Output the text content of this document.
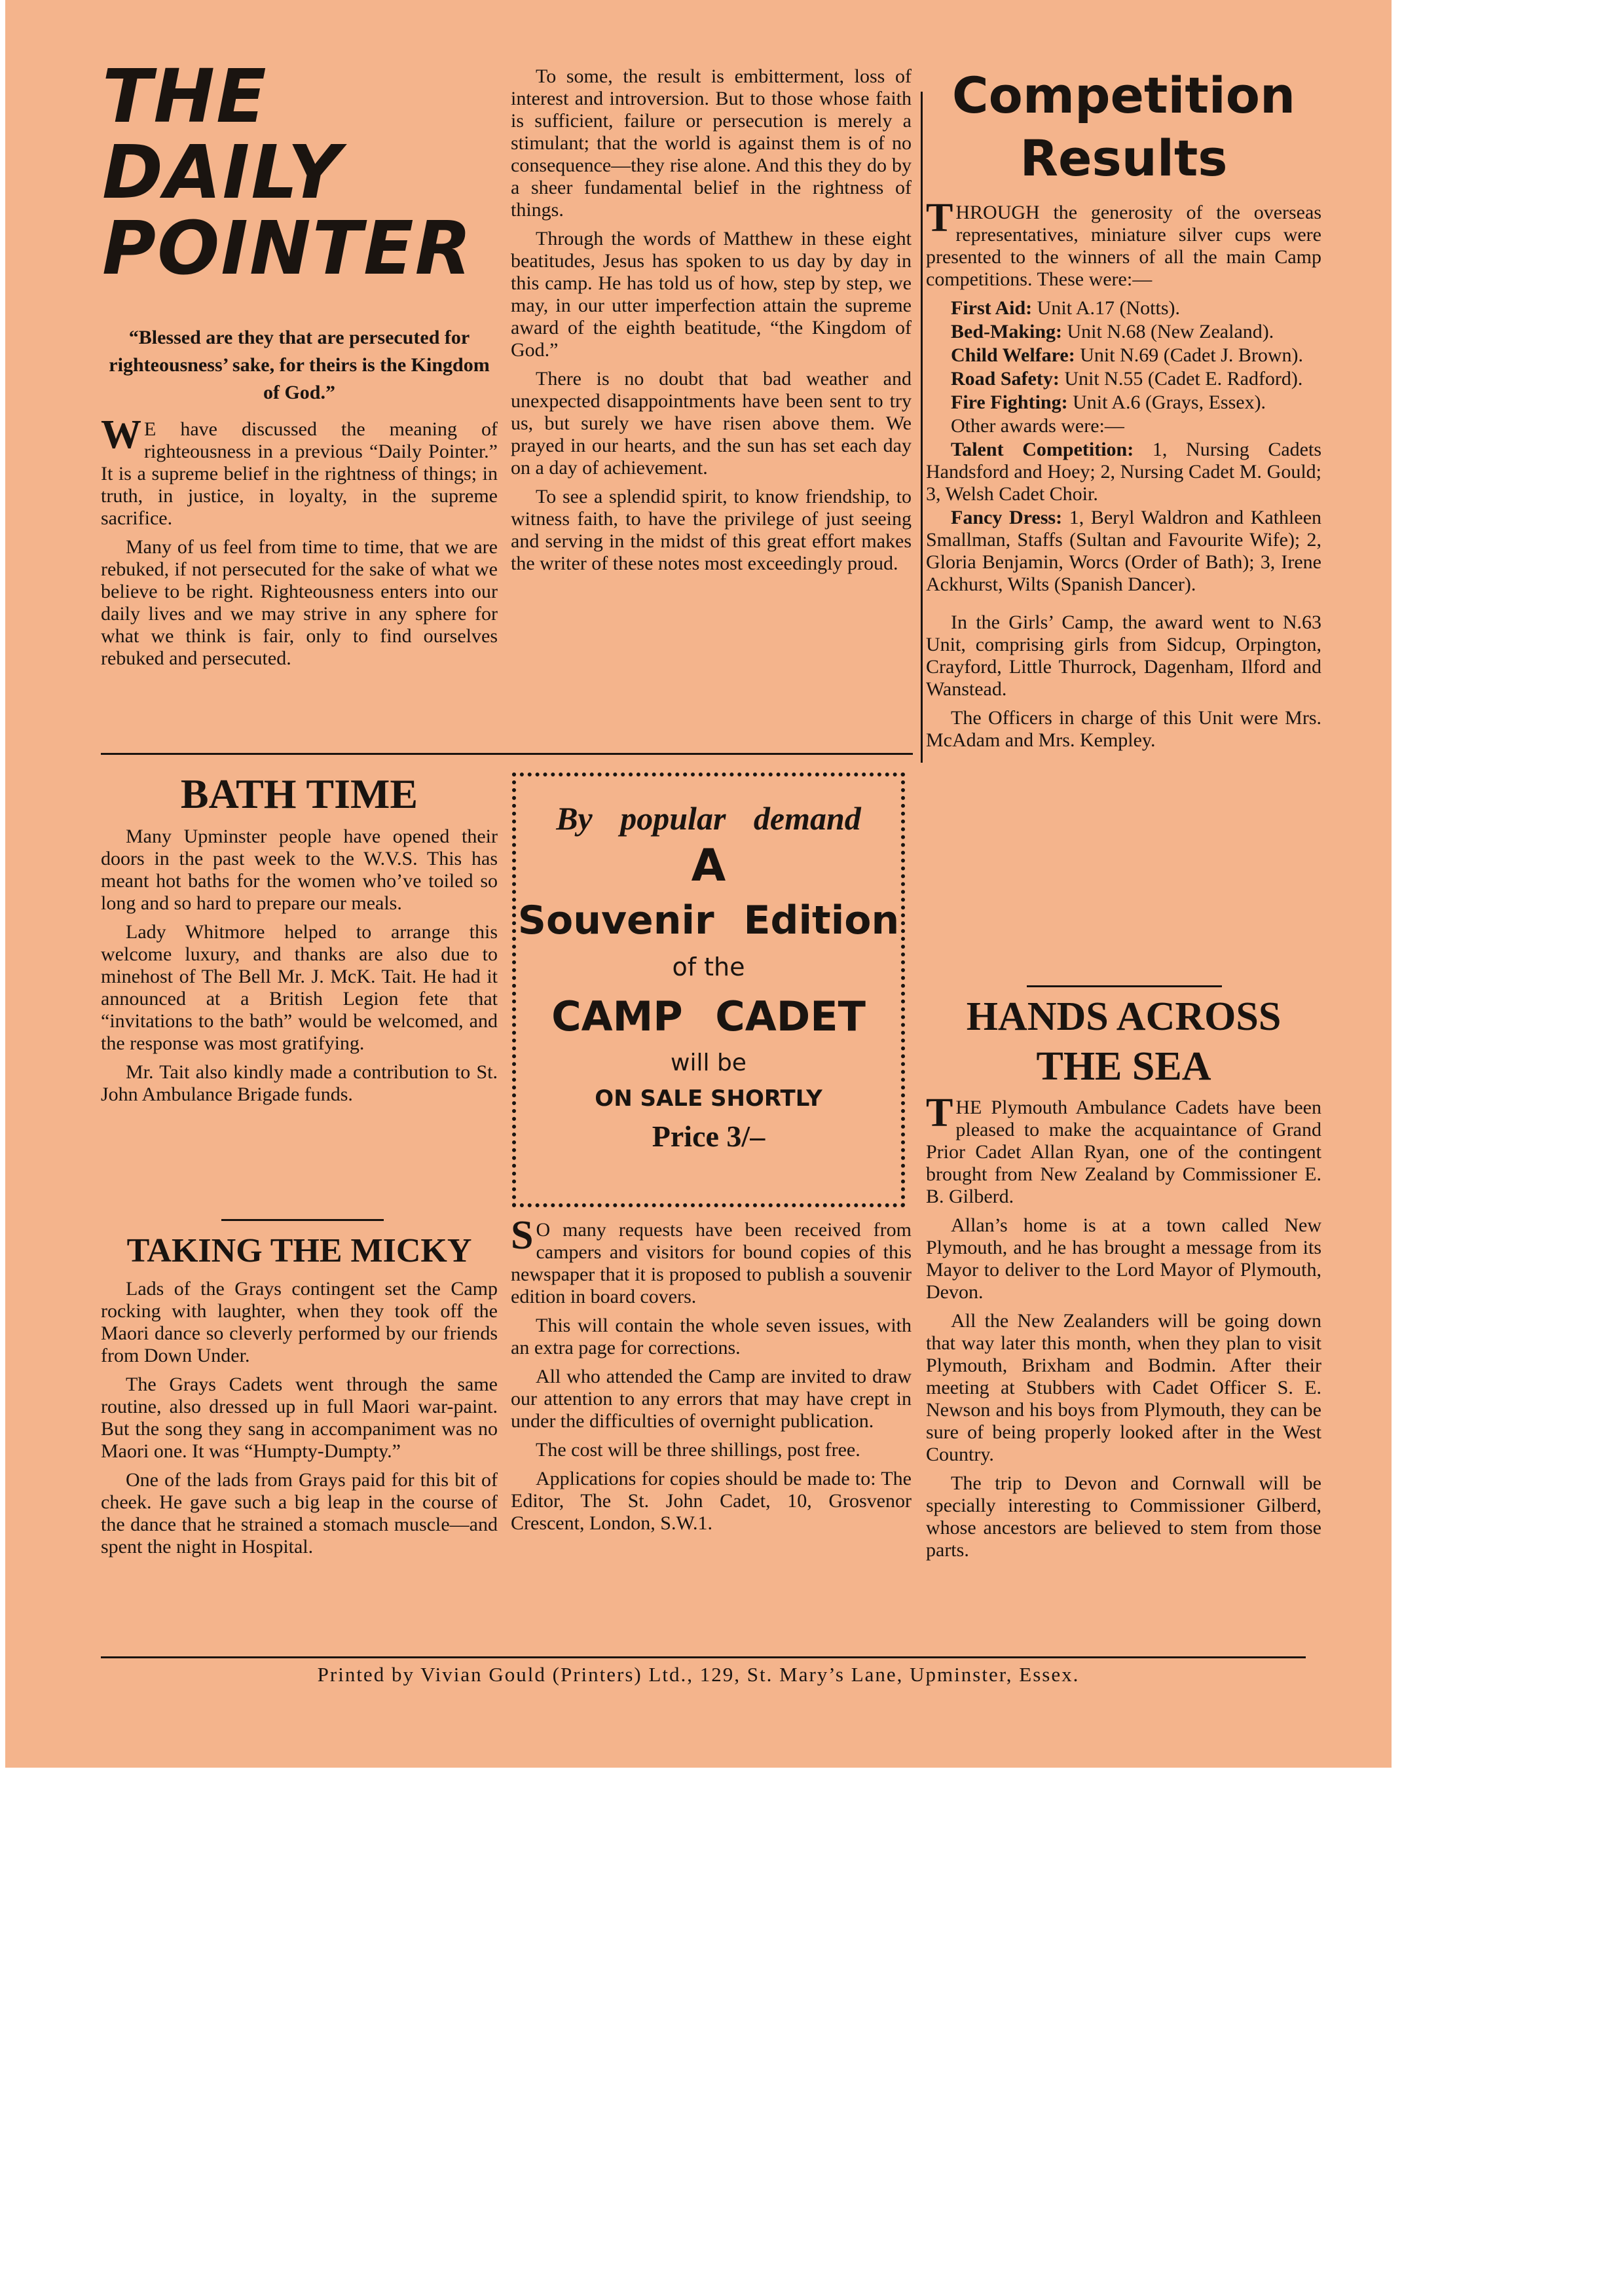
THE

DAILY

POINTER

“Blessed are they that are persecuted for righteousness’ sake, for theirs is the Kingdom of God.”

WE have discussed the meaning of righteousness in a previous “Daily Pointer.” It is a supreme belief in the rightness of things; in truth, in justice, in loyalty, in the supreme sacrifice.

Many of us feel from time to time, that we are rebuked, if not persecuted for the sake of what we believe to be right. Righteousness enters into our daily lives and we may strive in any sphere for what we think is fair, only to find ourselves rebuked and persecuted.

To some, the result is embitterment, loss of interest and introversion. But to those whose faith is sufficient, failure or persecution is merely a stimulant; that the world is against them is of no consequence—they rise alone. And this they do by a sheer fundamental belief in the rightness of things.

Through the words of Matthew in these eight beatitudes, Jesus has spoken to us day by day in this camp. He has told us of how, step by step, we may, in our utter imperfection attain the supreme award of the eighth beatitude, “the Kingdom of God.”

There is no doubt that bad weather and unexpected disappointments have been sent to try us, but surely we have risen above them. We prayed in our hearts, and the sun has set each day on a day of achievement.

To see a splendid spirit, to know friendship, to witness faith, to have the privilege of just seeing and serving in the midst of this great effort makes the writer of these notes most exceedingly proud.

BATH TIME

Many Upminster people have opened their doors in the past week to the W.V.S. This has meant hot baths for the women who’ve toiled so long and so hard to prepare our meals.

Lady Whitmore helped to arrange this welcome luxury, and thanks are also due to minehost of The Bell Mr. J. McK. Tait. He had it announced at a British Legion fete that “invitations to the bath” would be welcomed, and the response was most gratifying.

Mr. Tait also kindly made a contribution to St. John Ambulance Brigade funds.

TAKING THE MICKY

Lads of the Grays contingent set the Camp rocking with laughter, when they took off the Maori dance so cleverly performed by our friends from Down Under.

The Grays Cadets went through the same routine, also dressed up in full Maori war-paint. But the song they sang in accompaniment was no Maori one. It was “Humpty-Dumpty.”

One of the lads from Grays paid for this bit of cheek. He gave such a big leap in the course of the dance that he strained a stomach muscle—and spent the night in Hospital.

By popular demand

A

Souvenir Edition

of the

CAMP CADET

will be

ON SALE SHORTLY

Price 3/–

SO many requests have been received from campers and visitors for bound copies of this newspaper that it is proposed to publish a souvenir edition in board covers.

This will contain the whole seven issues, with an extra page for corrections.

All who attended the Camp are invited to draw our attention to any errors that may have crept in under the difficulties of overnight publication.

The cost will be three shillings, post free.

Applications for copies should be made to: The Editor, The St. John Cadet, 10, Grosvenor Crescent, London, S.W.1.

Competition

Results

THROUGH the generosity of the overseas representatives, miniature silver cups were presented to the winners of all the main Camp competitions. These were:—

First Aid: Unit A.17 (Notts).

Bed-Making: Unit N.68 (New Zealand).

Child Welfare: Unit N.69 (Cadet J. Brown).

Road Safety: Unit N.55 (Cadet E. Radford).

Fire Fighting: Unit A.6 (Grays, Essex).

Other awards were:—

Talent Competition: 1, Nursing Cadets Handsford and Hoey; 2, Nursing Cadet M. Gould; 3, Welsh Cadet Choir.

Fancy Dress: 1, Beryl Waldron and Kathleen Smallman, Staffs (Sultan and Favourite Wife); 2, Gloria Benjamin, Worcs (Order of Bath); 3, Irene Ackhurst, Wilts (Spanish Dancer).

In the Girls’ Camp, the award went to N.63 Unit, comprising girls from Sidcup, Orpington, Crayford, Little Thurrock, Dagenham, Ilford and Wanstead.

The Officers in charge of this Unit were Mrs. McAdam and Mrs. Kempley.

HANDS ACROSS

THE SEA

THE Plymouth Ambulance Cadets have been pleased to make the acquaintance of Grand Prior Cadet Allan Ryan, one of the contingent brought from New Zealand by Commissioner E. B. Gilberd.

Allan’s home is at a town called New Plymouth, and he has brought a message from its Mayor to deliver to the Lord Mayor of Plymouth, Devon.

All the New Zealanders will be going down that way later this month, when they plan to visit Plymouth, Brixham and Bodmin. After their meeting at Stubbers with Cadet Officer S. E. Newson and his boys from Plymouth, they can be sure of being properly looked after in the West Country.

The trip to Devon and Cornwall will be specially interesting to Commissioner Gilberd, whose ancestors are believed to stem from those parts.

Printed by Vivian Gould (Printers) Ltd., 129, St. Mary’s Lane, Upminster, Essex.
